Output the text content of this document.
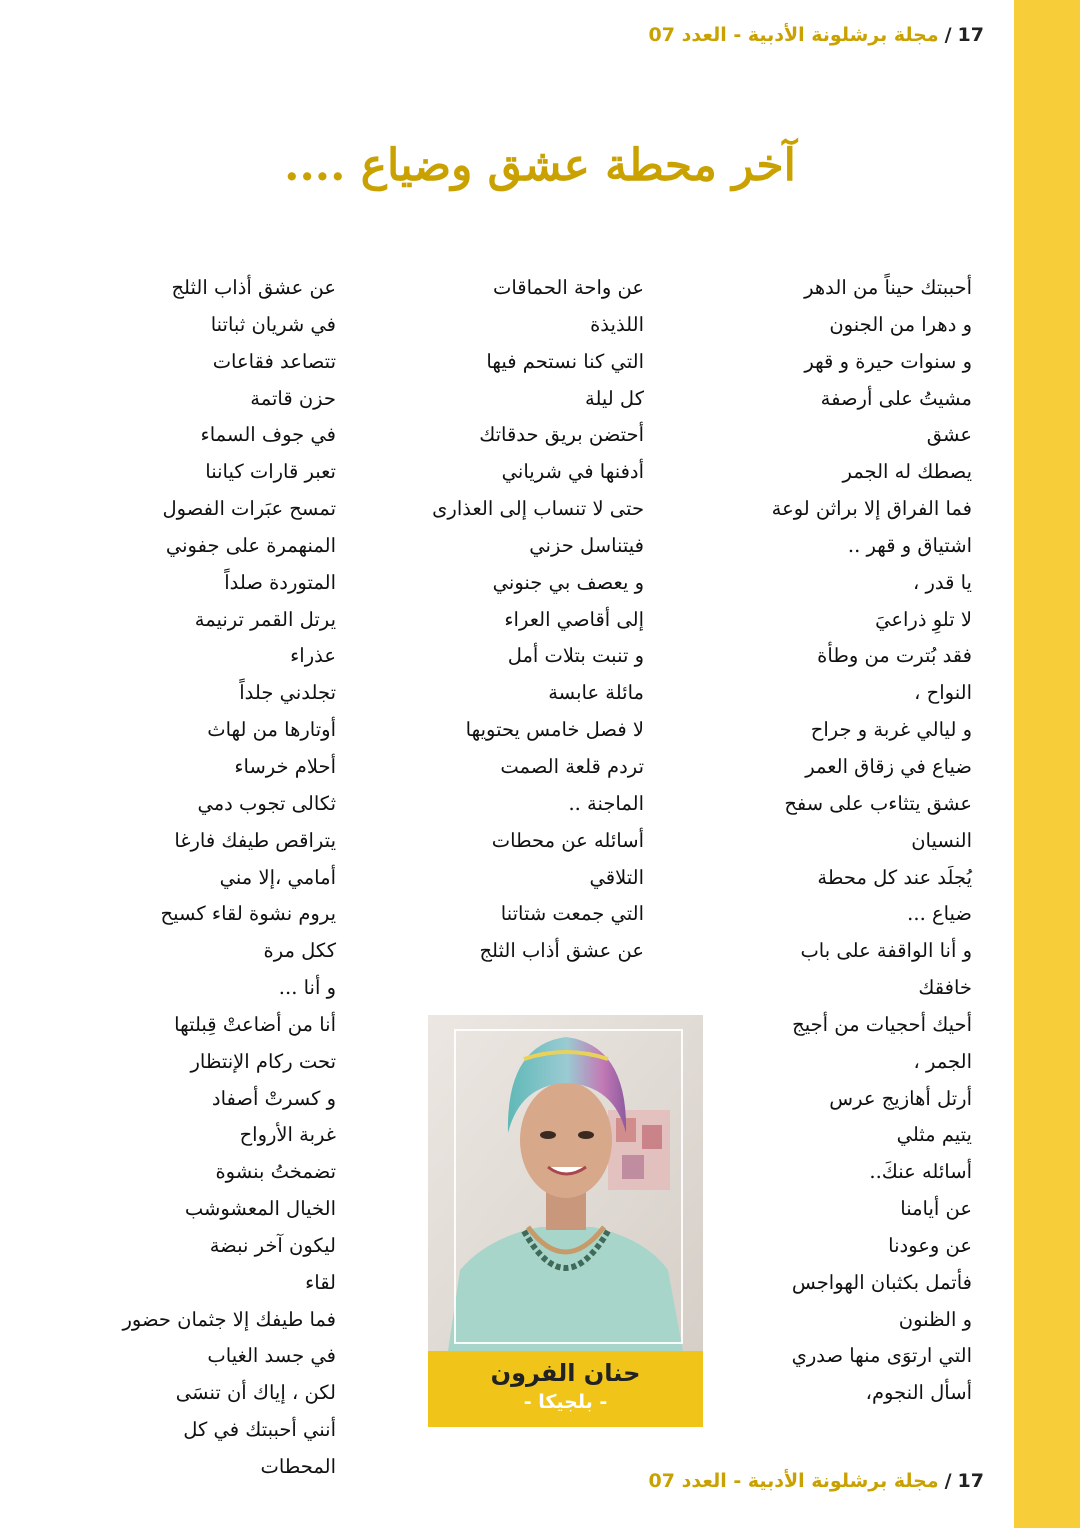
17/مجلة برشلونة الأدبية - العدد 07
آخر محطة عشق وضياع ....
أحببتك حيناً من الدهر
و دهرا من الجنون
و سنوات حيرة و قهر
مشيتُ على أرصفة
عشق
يصطك له الجمر
فما الفراق إلا براثن لوعة
اشتياق و قهر ..
يا قدر ،
لا تلوِ ذراعيَ
فقد بُترت من وطأة
النواح ،
و ليالي غربة و جراح
ضياع في زقاق العمر
عشق يتثاءب على سفح
النسيان
يُجلَد عند كل محطة
ضياع ...
و أنا الواقفة على باب
خافقك
أحيك أحجيات من أجيج
الجمر ،
أرتل أهازيج عرس
يتيم مثلي
أسائله عنكَ..
عن أيامنا
عن وعودنا
فأتمل بكثبان الهواجس
و الظنون
التي ارتوَى منها صدري
أسأل النجوم،
عن واحة الحماقات
اللذيذة
التي كنا نستحم فيها
كل ليلة
أحتضن بريق حدقاتك
أدفنها في شرياني
حتى لا تنساب إلى العذارى
فيتناسل حزني
و يعصف بي جنوني
إلى أقاصي العراء
و تنبت بتلات أمل
مائلة عابسة
لا فصل خامس يحتويها
تردم قلعة الصمت
الماجنة ..
أسائله عن محطات
التلاقي
التي جمعت شتاتنا
عن عشق أذاب الثلج
عن عشق أذاب الثلج
في شريان ثباتنا
تتصاعد فقاعات
حزن قاتمة
في جوف السماء
تعبر قارات كياننا
تمسح عبَرات الفصول
المنهمرة على جفوني
المتوردة صلداً
يرتل القمر ترنيمة
عذراء
تجلدني جلداً
أوتارها من لهاث
أحلام خرساء
ثكالى تجوب دمي
يتراقص طيفك فارغا
أمامي ،إلا مني
يروم نشوة لقاء كسيح
ككل مرة
و أنا ...
أنا من أضاعتْ قِبلتها
تحت ركام الإنتظار
و كسرتْ أصفاد
غربة الأرواح
تضمختُ بنشوة
الخيال المعشوشب
ليكون آخر نبضة
لقاء
فما طيفك إلا جثمان حضور
في جسد الغياب
لكن ، إياك أن تنسَى
أنني أحببتك في كل
المحطات
حنان الفرون
- بلجيكا -
17/مجلة برشلونة الأدبية - العدد 07
